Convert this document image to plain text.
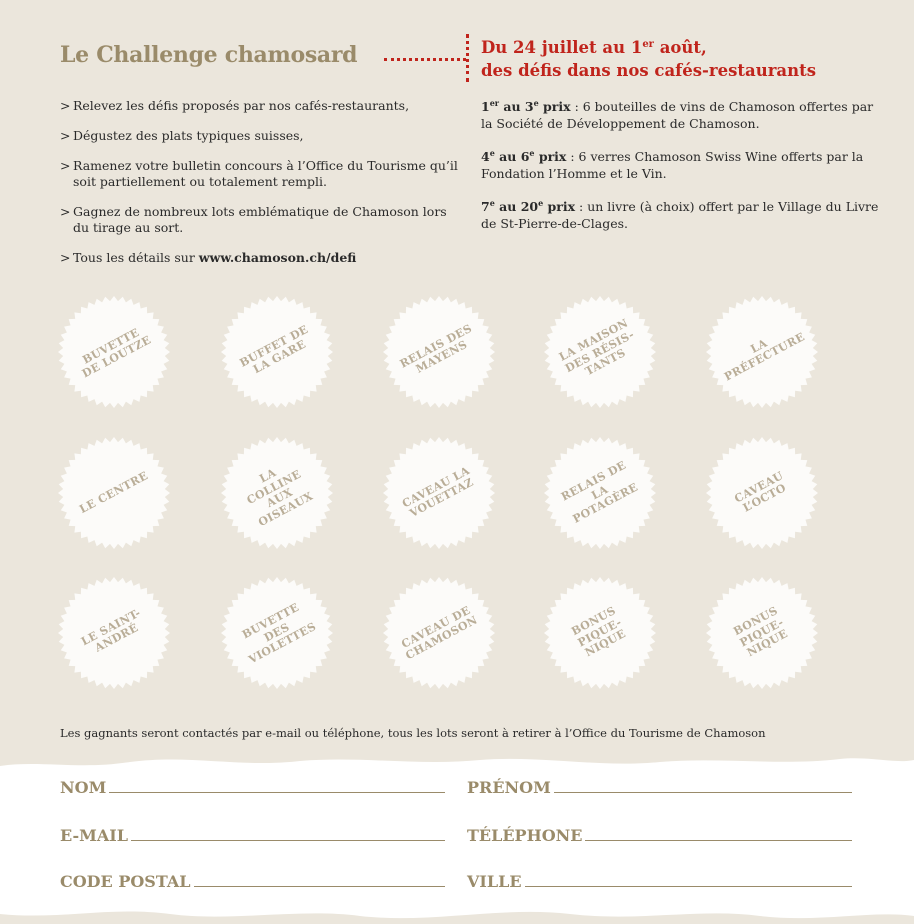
Le Challenge chamosard	Du 24 juillet au 1er août,
des défis dans nos cafés-restaurants
> Relevez les défis proposés par nos cafés-restaurants,
> Dégustez des plats typiques suisses,
> Ramenez votre bulletin concours à l’Office du Tourisme qu’il soit partiellement ou totalement rempli.
> Gagnez de nombreux lots emblématique de Chamoson lors du tirage au sort.
> Tous les détails sur www.chamoson.ch/defi
1er au 3e prix : 6 bouteilles de vins de Chamoson offertes par la Société de Développement de Chamoson.
4e au 6e prix : 6 verres Chamoson Swiss Wine offerts par la Fondation l’Homme et le Vin.
7e au 20e prix : un livre (à choix) offert par le Village du Livre de St-Pierre-de-Clages.
BUVETTE DE LOUTZE	BUFFET DE LA GARE	RELAIS DES MAYENS	LA MAISON DES RÉSIS-TANTS
LA PRÉFECTURE
LE CENTRE	LA COLLINE AUX OISEAUX	CAVEAU LA VOUETTAZ	RELAIS DE LA POTAGÈRE	CAVEAU L’OCTO
LE SAINT-ANDRÉ	BUVETTE DES VIOLETTES	CAVEAU DE CHAMOSON	BONUS PIQUE-NIQUE
BONUS PIQUE-NIQUE
Les gagnants seront contactés par e-mail ou téléphone, tous les lots seront à retirer à l’Office du Tourisme de Chamoson
NOM	PRÉNOM
E-MAIL	TÉLÉPHONE
CODE POSTAL	VILLE
